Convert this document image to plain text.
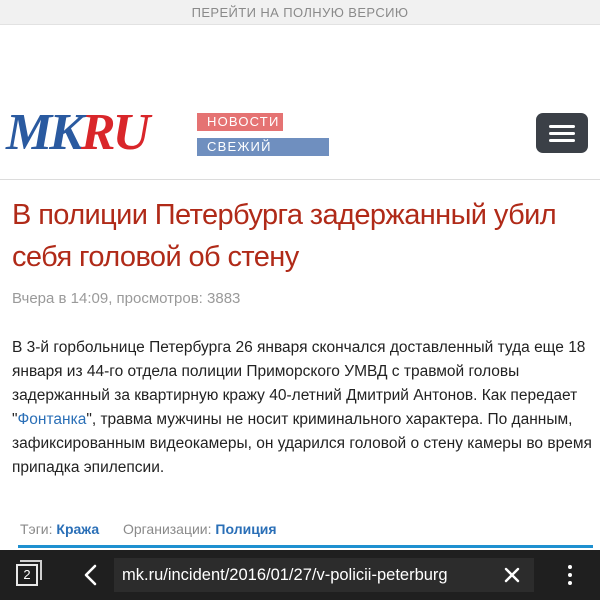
ПЕРЕЙТИ НА ПОЛНУЮ ВЕРСИЮ
MKRU	НОВОСТИ
СВЕЖИЙ НОМЕР
В полиции Петербурга задержанный убил себя головой об стену
Вчера в 14:09, просмотров: 3883

В 3-й горбольнице Петербурга 26 января скончался доставленный туда еще 18 января из 44-го отдела полиции Приморского УМВД с травмой головы задержанный за квартирную кражу 40-летний Дмитрий Антонов. Как передает "Фонтанка", травма мужчины не носит криминального характера. По данным, зафиксированным видеокамеры, он ударился головой о стену камеры во время припадка эпилепсии.

Тэги: Кража Организации: Полиция
2	mk.ru/incident/2016/01/27/v-policii-peterburg
